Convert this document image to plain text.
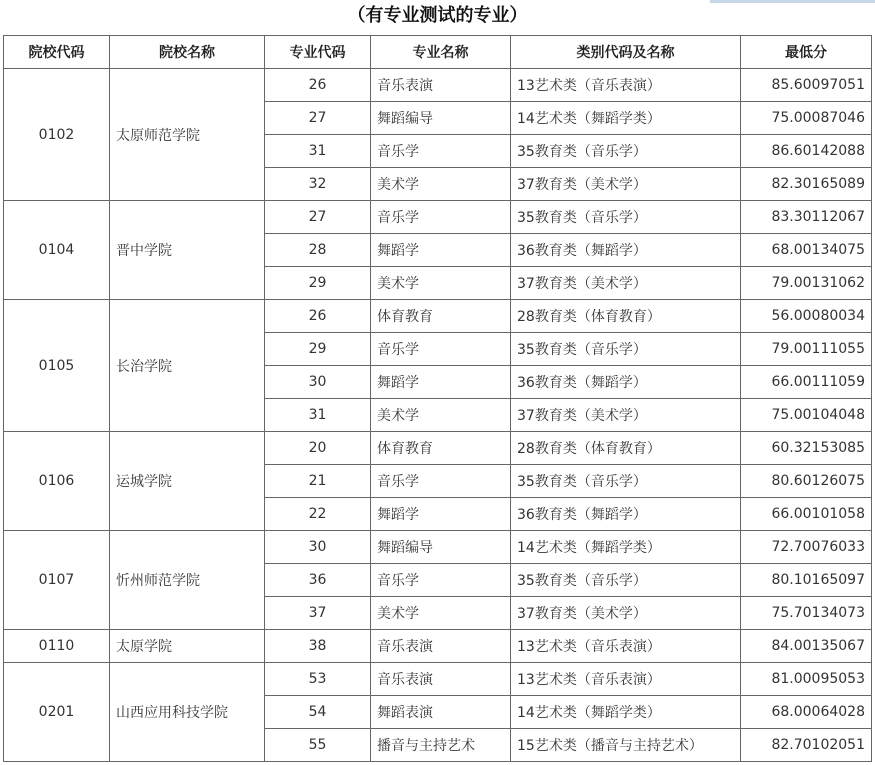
（有专业测试的专业）
院校代码	院校名称	专业代码	专业名称	类别代码及名称	最低分
0102	太原师范学院	26	音乐表演	13艺术类（音乐表演）	85.60097051
		27	舞蹈编导	14艺术类（舞蹈学类）	75.00087046
		31	音乐学	35教育类（音乐学）	86.60142088
		32	美术学	37教育类（美术学）	82.30165089
0104	晋中学院	27	音乐学	35教育类（音乐学）	83.30112067
		28	舞蹈学	36教育类（舞蹈学）	68.00134075
		29	美术学	37教育类（美术学）	79.00131062
0105	长治学院	26	体育教育	28教育类（体育教育）	56.00080034
		29	音乐学	35教育类（音乐学）	79.00111055
		30	舞蹈学	36教育类（舞蹈学）	66.00111059
		31	美术学	37教育类（美术学）	75.00104048
0106	运城学院	20	体育教育	28教育类（体育教育）	60.32153085
		21	音乐学	35教育类（音乐学）	80.60126075
		22	舞蹈学	36教育类（舞蹈学）	66.00101058
0107	忻州师范学院	30	舞蹈编导	14艺术类（舞蹈学类）	72.70076033
		36	音乐学	35教育类（音乐学）	80.10165097
		37	美术学	37教育类（美术学）	75.70134073
0110	太原学院	38	音乐表演	13艺术类（音乐表演）	84.00135067
0201	山西应用科技学院	53	音乐表演	13艺术类（音乐表演）	81.00095053
		54	舞蹈表演	14艺术类（舞蹈学类）	68.00064028
		55	播音与主持艺术	15艺术类（播音与主持艺术）	82.70102051
